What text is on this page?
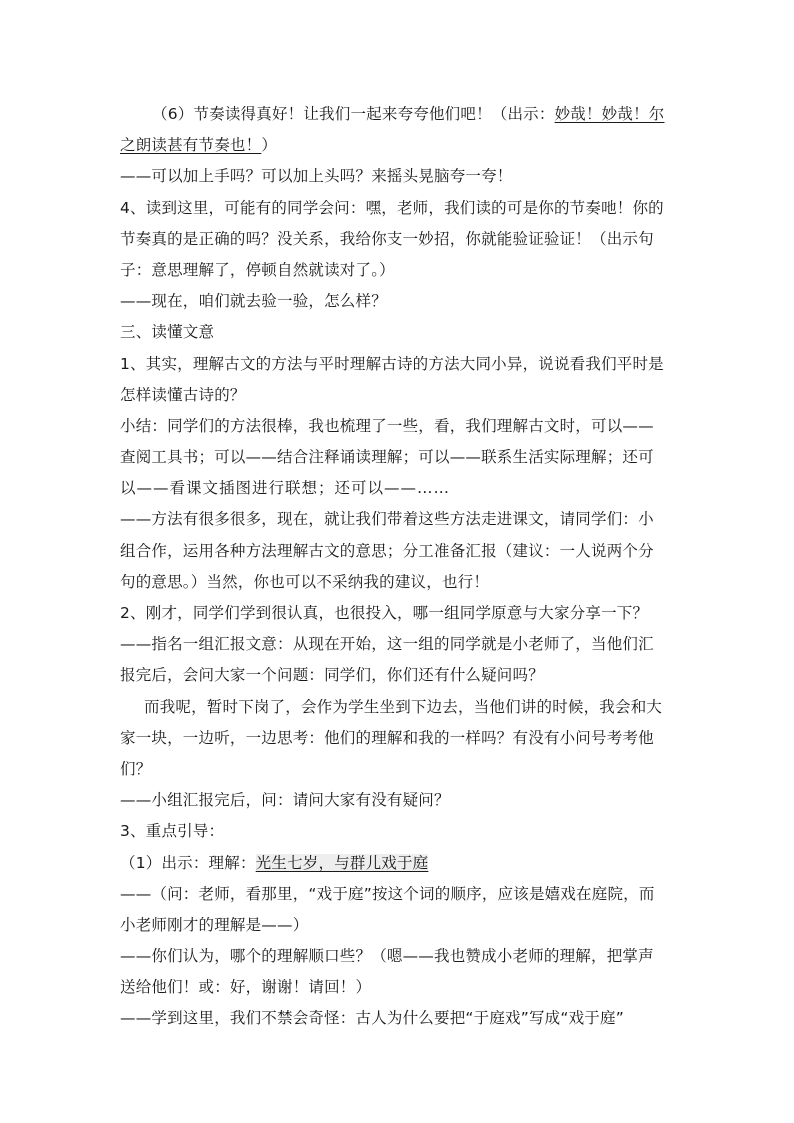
（6）节奏读得真好！让我们一起来夸夸他们吧！（出示：妙哉！妙哉！尔
之朗读甚有节奏也！）
——可以加上手吗？可以加上头吗？来摇头晃脑夸一夸！
4、读到这里，可能有的同学会问：嘿，老师，我们读的可是你的节奏吔！你的
节奏真的是正确的吗？没关系，我给你支一妙招，你就能验证验证！（出示句
子：意思理解了，停顿自然就读对了。）
——现在，咱们就去验一验，怎么样？
三、读懂文意
1、其实，理解古文的方法与平时理解古诗的方法大同小异，说说看我们平时是
怎样读懂古诗的？
小结：同学们的方法很棒，我也梳理了一些，看，我们理解古文时，可以——
查阅工具书；可以——结合注释诵读理解；可以——联系生活实际理解；还可
以——看课文插图进行联想；还可以——……
——方法有很多很多，现在，就让我们带着这些方法走进课文，请同学们：小
组合作，运用各种方法理解古文的意思；分工准备汇报（建议：一人说两个分
句的意思。）当然，你也可以不采纳我的建议，也行！
2、刚才，同学们学到很认真，也很投入，哪一组同学原意与大家分享一下？
——指名一组汇报文意：从现在开始，这一组的同学就是小老师了，当他们汇
报完后，会问大家一个问题：同学们，你们还有什么疑问吗？
而我呢，暂时下岗了，会作为学生坐到下边去，当他们讲的时候，我会和大
家一块，一边听，一边思考：他们的理解和我的一样吗？有没有小问号考考他
们？
——小组汇报完后，问：请问大家有没有疑问？
3、重点引导：
（1）出示：理解：光生七岁，与群儿戏于庭
——（问：老师，看那里，“戏于庭”按这个词的顺序，应该是嬉戏在庭院，而
小老师刚才的理解是——）
——你们认为，哪个的理解顺口些？（嗯——我也赞成小老师的理解，把掌声
送给他们！或：好，谢谢！请回！）
——学到这里，我们不禁会奇怪：古人为什么要把“于庭戏”写成“戏于庭”
